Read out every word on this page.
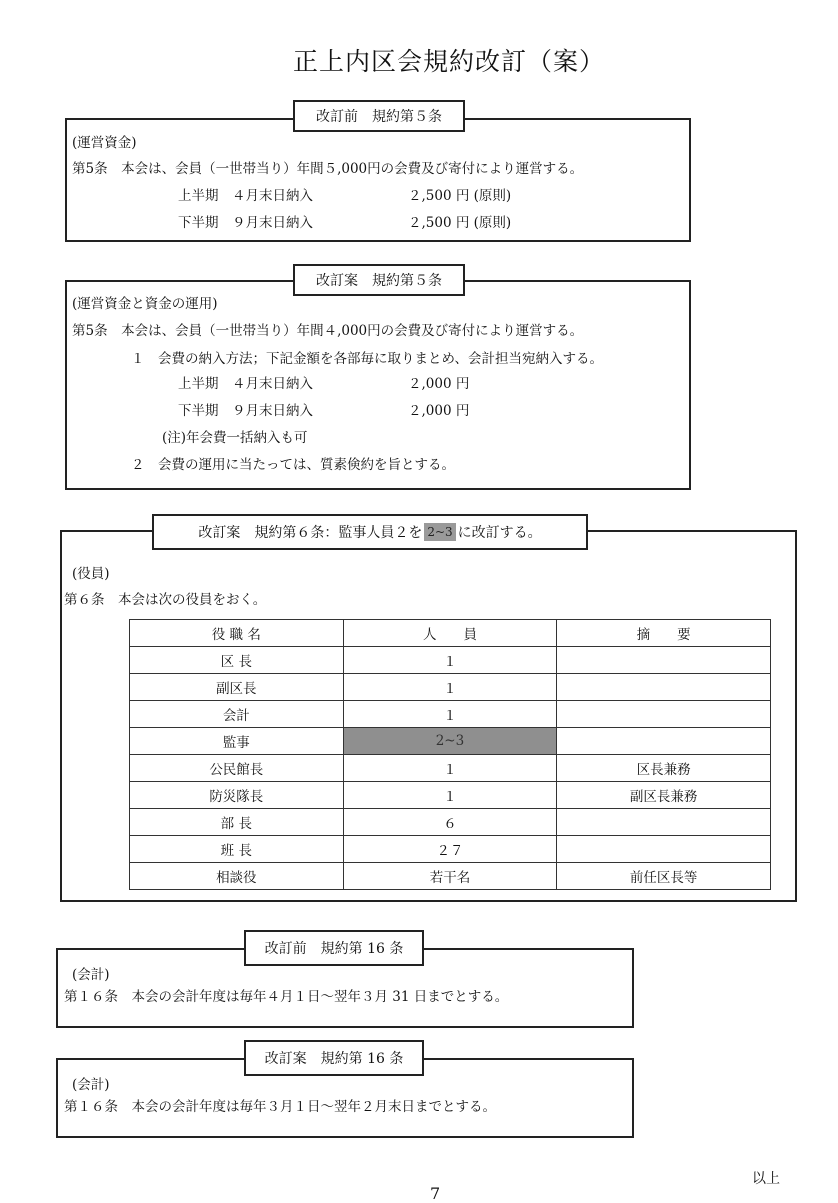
正上内区会規約改訂（案）
改訂前　規約第５条
(運営資金)
第5条　本会は、会員（一世帯当り）年間５,000円の会費及び寄付により運営する。
上半期　４月末日納入	２,500 円 (原則)
下半期　９月末日納入	２,500 円 (原則)
改訂案　規約第５条
(運営資金と資金の運用)
第5条　本会は、会員（一世帯当り）年間４,000円の会費及び寄付により運営する。
１　会費の納入方法；下記金額を各部毎に取りまとめ、会計担当宛納入する。
上半期　４月末日納入	２,000 円
下半期　９月末日納入	２,000 円
(注)年会費一括納入も可
２　会費の運用に当たっては、質素倹約を旨とする。
改訂案　規約第６条：監事人員２を 2~3 に改訂する。
(役員)
第６条　本会は次の役員をおく。
役 職 名	人　　員	摘　　要
区 長	１	
副区長	１	
会計	１	
監事	2~3	
公民館長	１	区長兼務
防災隊長	１	副区長兼務
部 長	６	
班 長	２７	
相談役	若干名	前任区長等
改訂前　規約第 16 条
(会計)
第１６条　本会の会計年度は毎年４月１日～翌年３月 31 日までとする。
改訂案　規約第 16 条
(会計)
第１６条　本会の会計年度は毎年３月１日～翌年２月末日までとする。
以上
7
